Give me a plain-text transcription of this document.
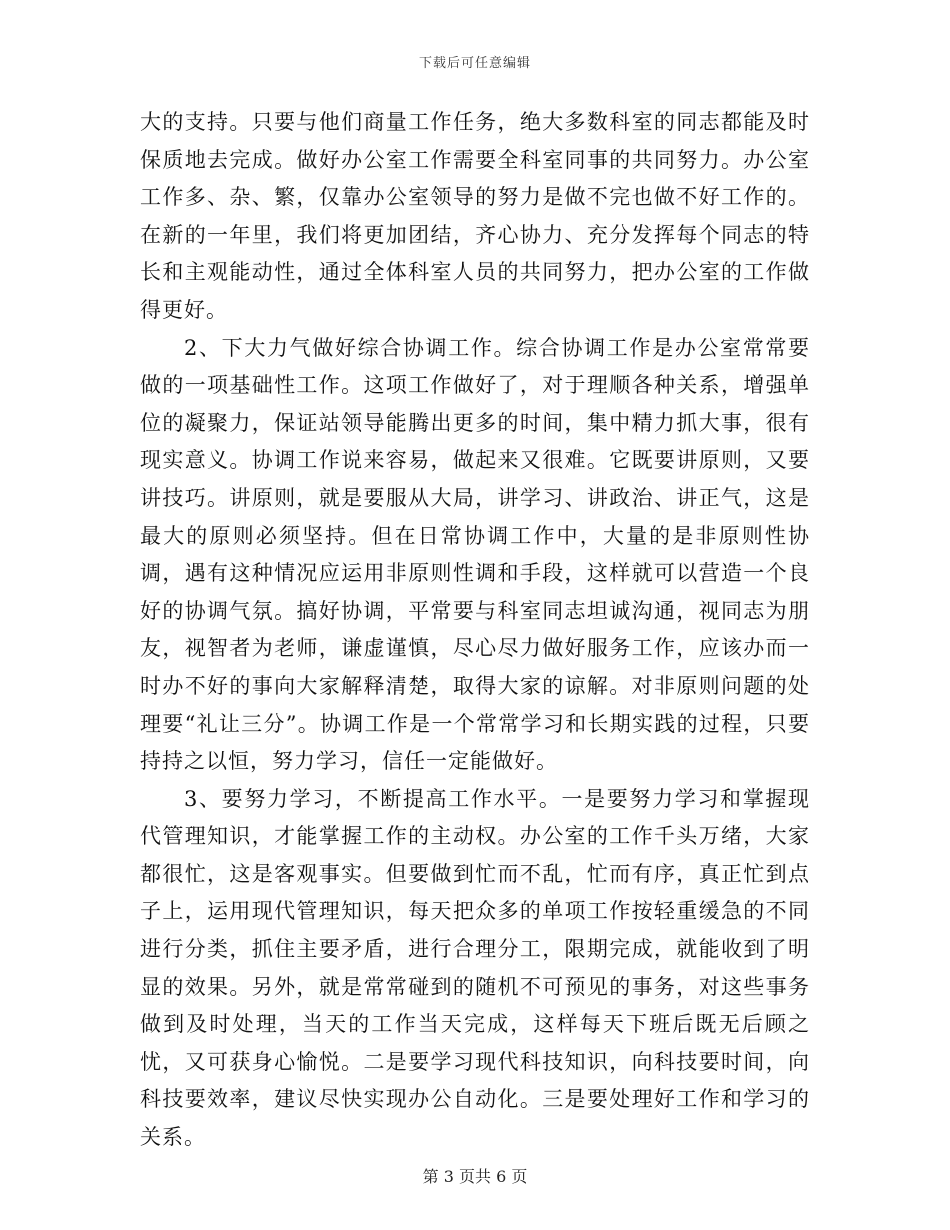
下载后可任意编辑

大的支持。只要与他们商量工作任务，绝大多数科室的同志都能及时保质地去完成。做好办公室工作需要全科室同事的共同努力。办公室工作多、杂、繁，仅靠办公室领导的努力是做不完也做不好工作的。在新的一年里，我们将更加团结，齐心协力、充分发挥每个同志的特长和主观能动性，通过全体科室人员的共同努力，把办公室的工作做得更好。

2、下大力气做好综合协调工作。综合协调工作是办公室常常要做的一项基础性工作。这项工作做好了，对于理顺各种关系，增强单位的凝聚力，保证站领导能腾出更多的时间，集中精力抓大事，很有现实意义。协调工作说来容易，做起来又很难。它既要讲原则，又要讲技巧。讲原则，就是要服从大局，讲学习、讲政治、讲正气，这是最大的原则必须坚持。但在日常协调工作中，大量的是非原则性协调，遇有这种情况应运用非原则性调和手段，这样就可以营造一个良好的协调气氛。搞好协调，平常要与科室同志坦诚沟通，视同志为朋友，视智者为老师，谦虚谨慎，尽心尽力做好服务工作，应该办而一时办不好的事向大家解释清楚，取得大家的谅解。对非原则问题的处理要“礼让三分”。协调工作是一个常常学习和长期实践的过程，只要持持之以恒，努力学习，信任一定能做好。

3、要努力学习，不断提高工作水平。一是要努力学习和掌握现代管理知识，才能掌握工作的主动权。办公室的工作千头万绪，大家都很忙，这是客观事实。但要做到忙而不乱，忙而有序，真正忙到点子上，运用现代管理知识，每天把众多的单项工作按轻重缓急的不同进行分类，抓住主要矛盾，进行合理分工，限期完成，就能收到了明显的效果。另外，就是常常碰到的随机不可预见的事务，对这些事务做到及时处理，当天的工作当天完成，这样每天下班后既无后顾之忧，又可获身心愉悦。二是要学习现代科技知识，向科技要时间，向科技要效率，建议尽快实现办公自动化。三是要处理好工作和学习的关系。

第 3 页共 6 页
